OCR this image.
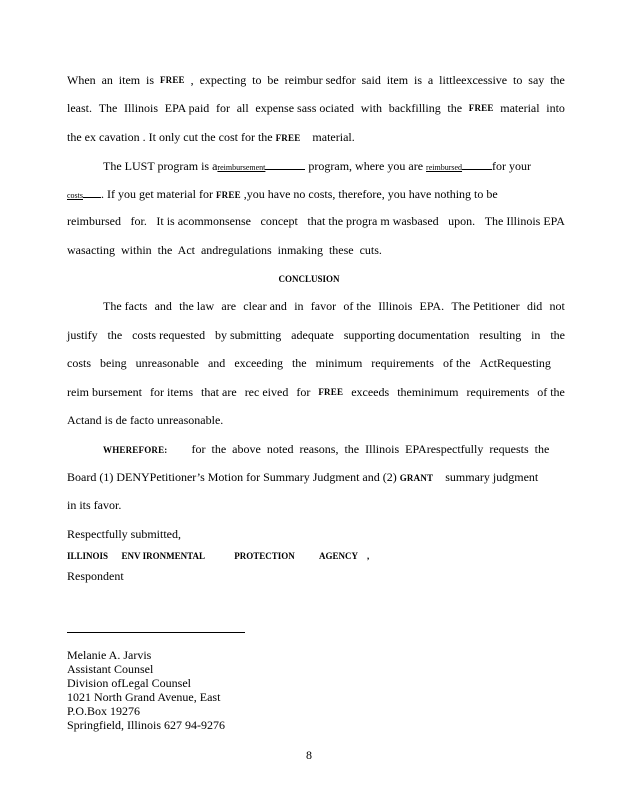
When an item is FREE , expecting to be reimbur sedfor said item is a littleexcessive to say the
least. The Illinois EPA paid for all expense sass ociated with backfilling the FREE material into
the ex cavation . It only cut the cost for the FREE material.
The LUST program is areimbursement	program, where you are reimbursed	for your
costs . If you get material for FREE ,you have no costs, therefore, you have nothing to be
reimbursed for. It is acommonsense concept that the progra m wasbased upon. The Illinois EPA
wasacting within the Act andregulations inmaking these cuts.
CONCLUSION
The facts and the law are clear and in favor of the Illinois EPA. The Petitioner did not
justify the costs requested by submitting adequate supporting documentation resulting in the
costs being unreasonable and exceeding the minimum requirements of the ActRequesting
reim bursement for items that are rec eived for FREE exceeds theminimum requirements of the
Actand is de facto unreasonable.
WHEREFORE: for the above noted reasons, the Illinois EPArespectfully requests the
Board (1) DENYPetitioner’s Motion for Summary Judgment and (2) GRANT summary judgment
in its favor.
Respectfully submitted,
ILLINOIS ENV IRONMENTAL	PROTECTION	AGENCY ,
Respondent
Melanie A. Jarvis
Assistant Counsel
Division ofLegal Counsel
1021 North Grand Avenue, East
P.O.Box 19276
Springfield, Illinois 627 94-9276
8
